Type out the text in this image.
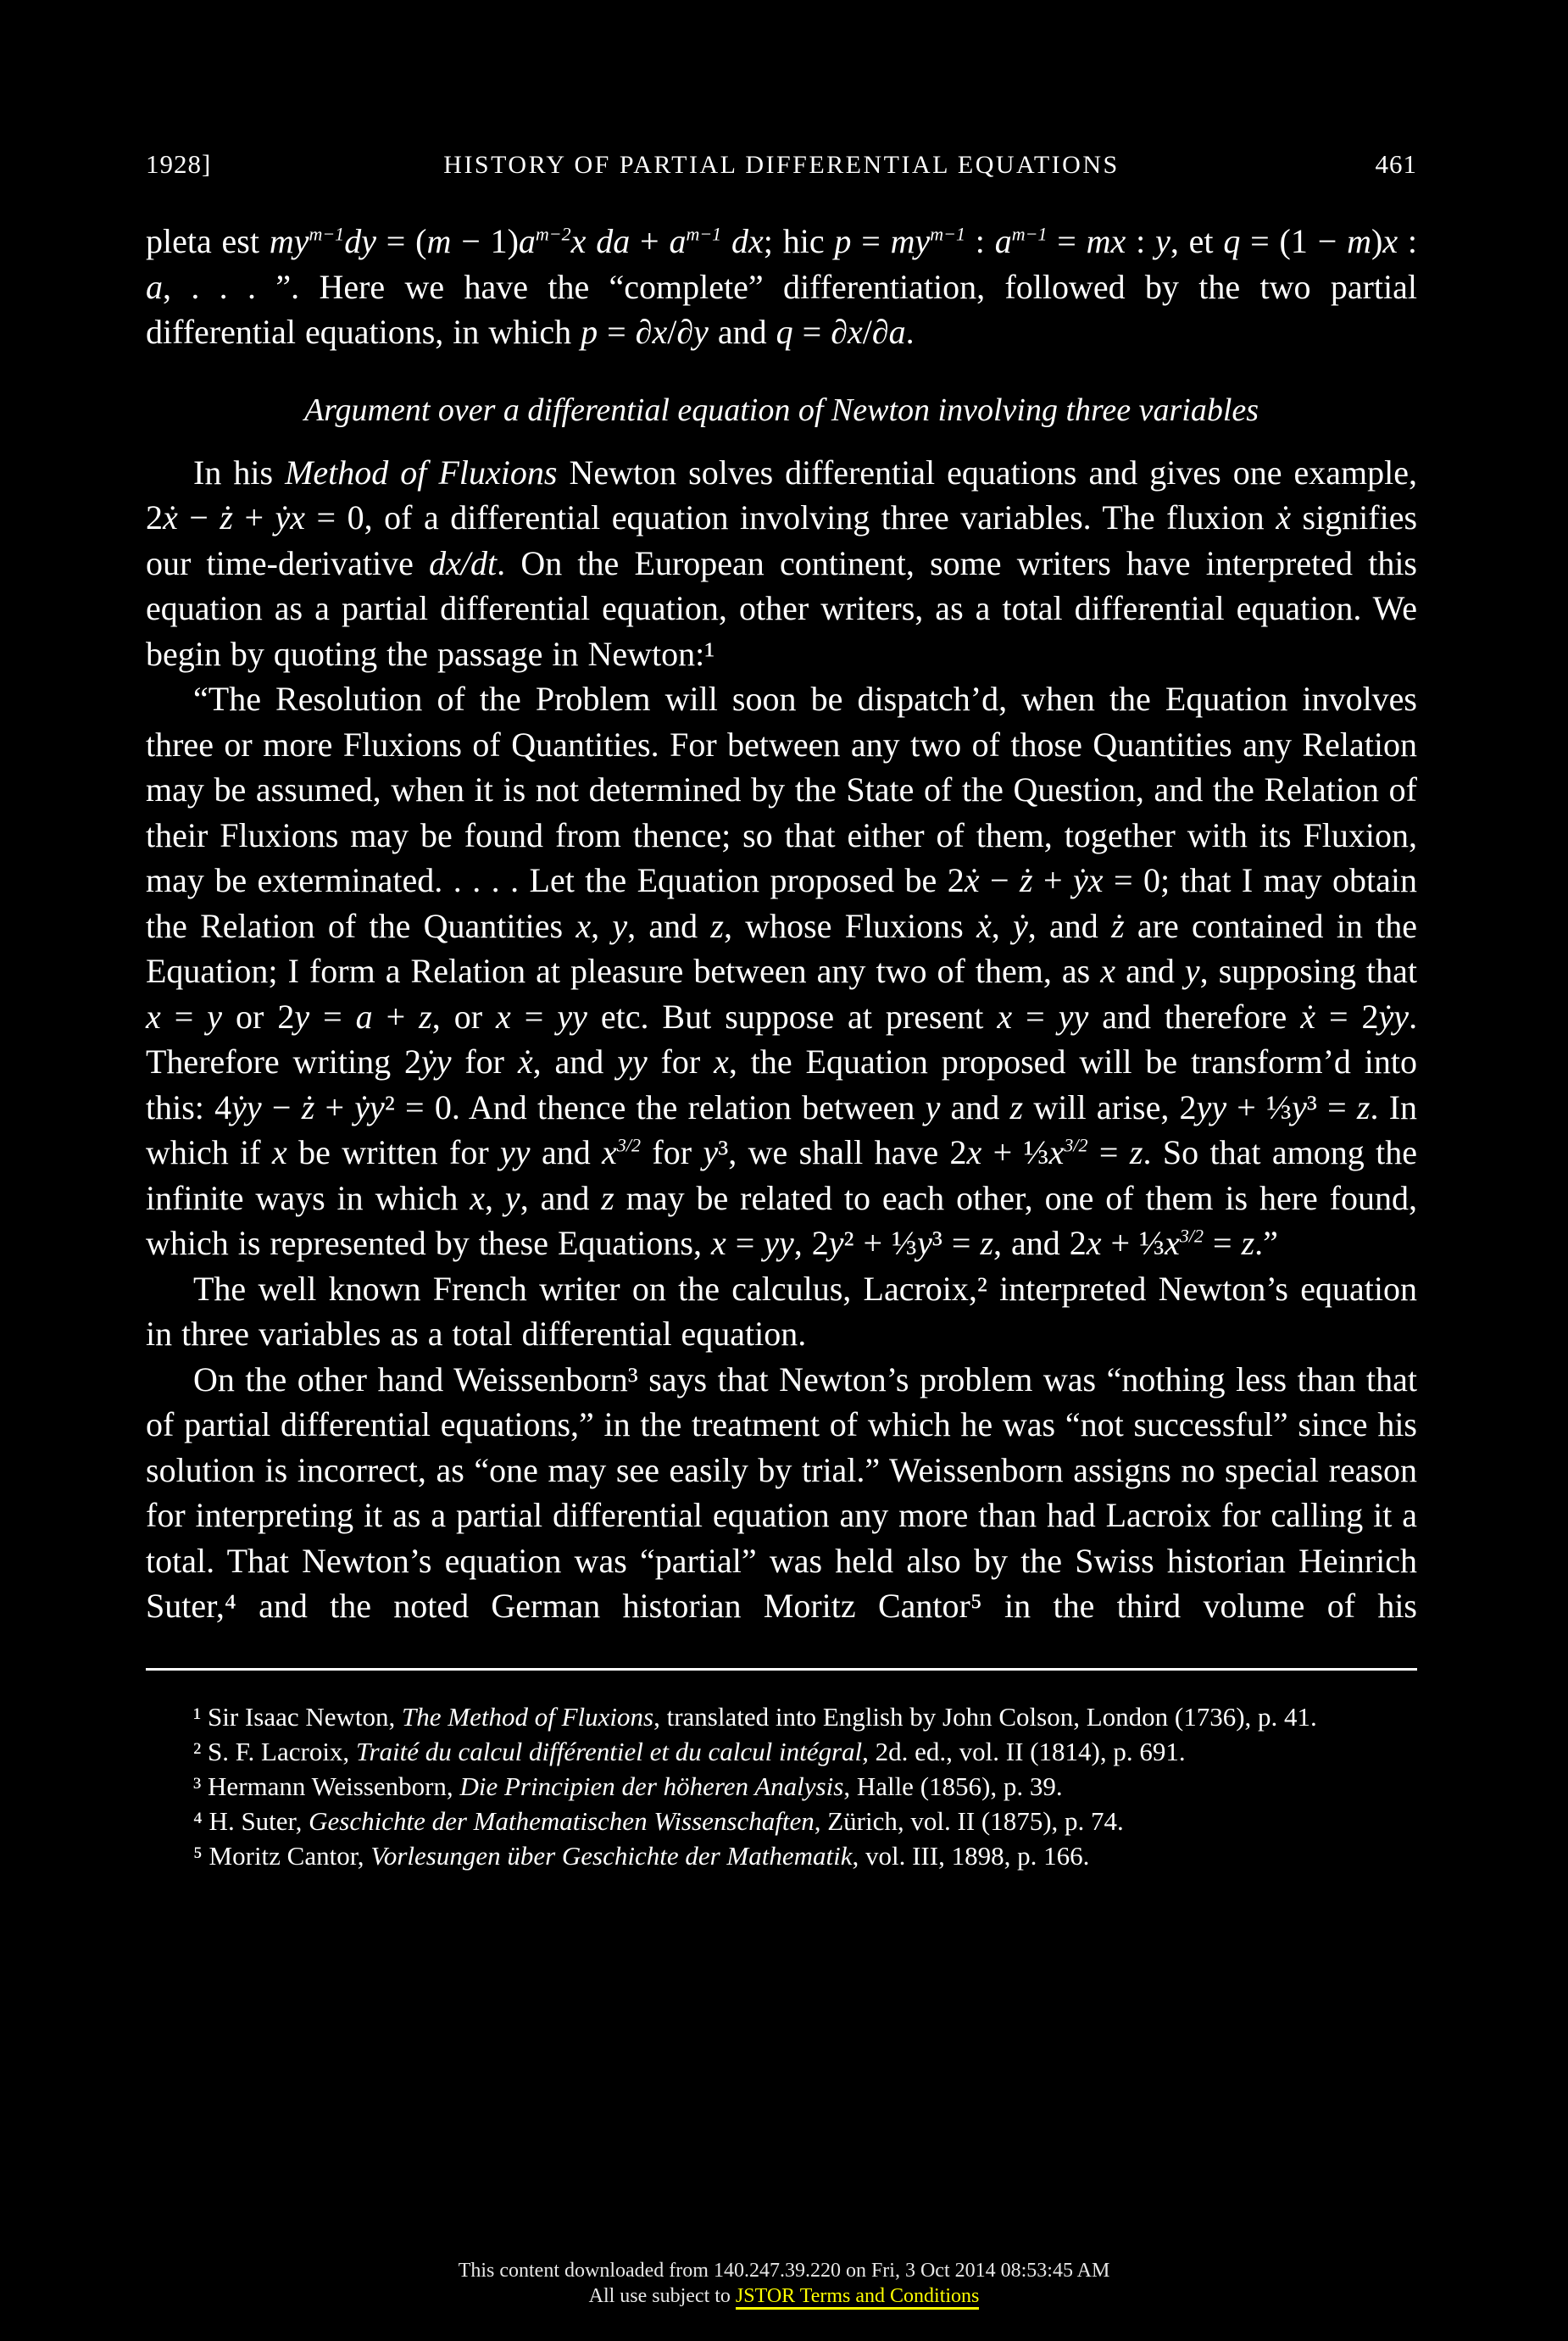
1928]	HISTORY OF PARTIAL DIFFERENTIAL EQUATIONS	461

pleta est $my^{m-1}dy = (m - 1)a^{m-2}x$ da + $a^{m-1}$ dx; hic $p = my^{m-1}$ : $a^{m-1}$ = mx : y, et q = (1 − m)x : a, . . . ”. Here we have the “complete” differentiation, followed by the two partial differential equations, in which p = ∂x/∂y and q = ∂x/∂a.

Argument over a differential equation of Newton involving three variables

In his Method of Fluxions Newton solves differential equations and gives one example, 2ẋ − ż + ẏx = 0, of a differential equation involving three variables. The fluxion ẋ signifies our time-derivative dx/dt. On the European continent, some writers have interpreted this equation as a partial differential equation, other writers, as a total differential equation. We begin by quoting the passage in Newton:¹

“The Resolution of the Problem will soon be dispatch’d, when the Equation involves three or more Fluxions of Quantities. For between any two of those Quantities any Relation may be assumed, when it is not determined by the State of the Question, and the Relation of their Fluxions may be found from thence; so that either of them, together with its Fluxion, may be exterminated. . . . . Let the Equation proposed be 2ẋ − ż + ẏx = 0; that I may obtain the Relation of the Quantities x, y, and z, whose Fluxions ẋ, ẏ, and ż are contained in the Equation; I form a Relation at pleasure between any two of them, as x and y, supposing that x = y or 2y = a + z, or x = yy etc. But suppose at present x = yy and therefore ẋ = 2ẏy. Therefore writing 2ẏy for ẋ, and yy for x, the Equation proposed will be transform’d into this: 4ẏy − ż + ẏy² = 0. And thence the relation between y and z will arise, 2yy + ⅓y³ = z. In which if x be written for yy and $x^{3/2}$ for y³, we shall have $2x + \frac{1}{3}x^{3/2} = z$. So that among the infinite ways in which x, y, and z may be related to each other, one of them is here found, which is represented by these Equations, x = yy, 2y² + ⅓y³ = z, and $2x + \frac{1}{3}x^{3/2} = z$.”

The well known French writer on the calculus, Lacroix,² interpreted Newton’s equation in three variables as a total differential equation.

On the other hand Weissenborn³ says that Newton’s problem was “nothing less than that of partial differential equations,” in the treatment of which he was “not successful” since his solution is incorrect, as “one may see easily by trial.” Weissenborn assigns no special reason for interpreting it as a partial differential equation any more than had Lacroix for calling it a total. That Newton’s equation was “partial” was held also by the Swiss historian Heinrich Suter,⁴ and the noted German historian Moritz Cantor⁵ in the third volume of his

¹ Sir Isaac Newton, The Method of Fluxions, translated into English by John Colson, London (1736), p. 41.

² S. F. Lacroix, Traité du calcul différentiel et du calcul intégral, 2d. ed., vol. II (1814), p. 691.

³ Hermann Weissenborn, Die Principien der höheren Analysis, Halle (1856), p. 39.

⁴ H. Suter, Geschichte der Mathematischen Wissenschaften, Zürich, vol. II (1875), p. 74.

⁵ Moritz Cantor, Vorlesungen über Geschichte der Mathematik, vol. III, 1898, p. 166.

This content downloaded from 140.247.39.220 on Fri, 3 Oct 2014 08:53:45 AM
All use subject to JSTOR Terms and Conditions
